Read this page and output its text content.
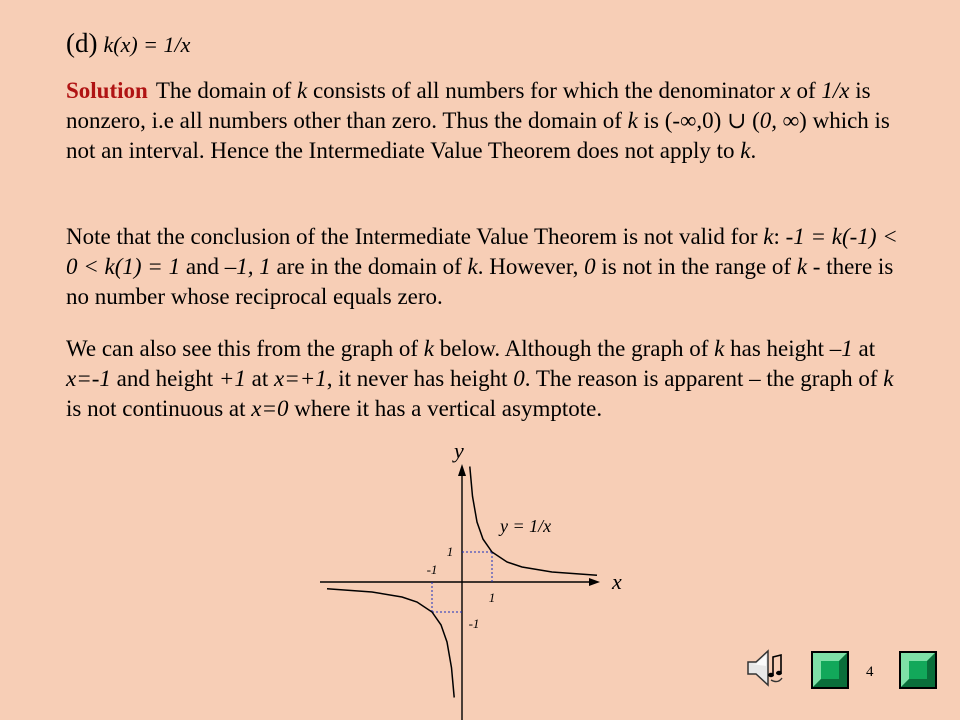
(d) k(x) = 1/x

Solution The domain of k consists of all numbers for which the denominator x of 1/x is nonzero, i.e all numbers other than zero. Thus the domain of k is (-∞,0) ∪ (0, ∞) which is not an interval. Hence the Intermediate Value Theorem does not apply to k.

Note that the conclusion of the Intermediate Value Theorem is not valid for k: -1 = k(-1) < 0 < k(1) = 1 and –1, 1 are in the domain of k. However, 0 is not in the range of k - there is no number whose reciprocal equals zero.

We can also see this from the graph of k below. Although the graph of k has height –1 at x=-1 and height +1 at x=+1, it never has height 0. The reason is apparent – the graph of k is not continuous at x=0 where it has a vertical asymptote.

x
y
1
-1
1
-1
y = 1/x
4
